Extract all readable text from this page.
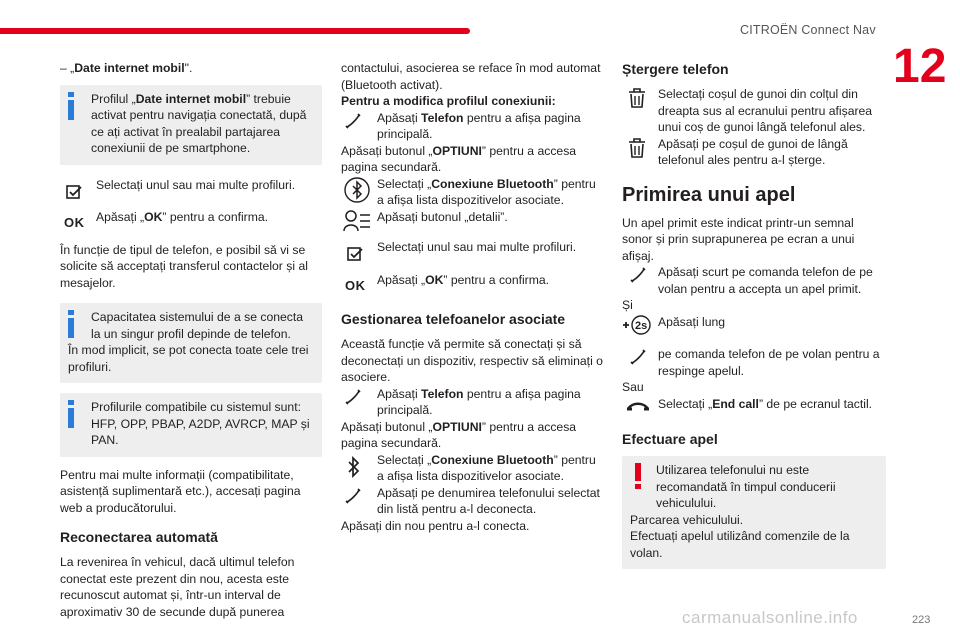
CITROËN Connect Nav
12

– „Date internet mobil".

Profilul „Date internet mobil” trebuie activat pentru navigația conectată, după ce ați activat în prealabil partajarea conexiunii de pe smartphone.

Selectați unul sau mai multe profiluri.

OK Apăsați „OK” pentru a confirma.

În funcție de tipul de telefon, e posibil să vi se solicite să acceptați transferul contactelor și al mesajelor.

Capacitatea sistemului de a se conecta la un singur profil depinde de telefon.

În mod implicit, se pot conecta toate cele trei profiluri.

Profilurile compatibile cu sistemul sunt: HFP, OPP, PBAP, A2DP, AVRCP, MAP și PAN.

Pentru mai multe informații (compatibilitate, asistență suplimentară etc.), accesați pagina web a producătorului.

Reconectarea automată

La revenirea în vehicul, dacă ultimul telefon conectat este prezent din nou, acesta este recunoscut automat și, într-un interval de aproximativ 30 de secunde după punerea

contactului, asocierea se reface în mod automat (Bluetooth activat).

Pentru a modifica profilul conexiunii:

Apăsați Telefon pentru a afișa pagina principală.

Apăsați butonul „OPTIUNI” pentru a accesa pagina secundară.

Selectați „Conexiune Bluetooth” pentru a afișa lista dispozitivelor asociate.

Apăsați butonul „detalii”.

Selectați unul sau mai multe profiluri.

OK Apăsați „OK” pentru a confirma.

Gestionarea telefoanelor asociate

Această funcție vă permite să conectați și să deconectați un dispozitiv, respectiv să eliminați o asociere.

Apăsați Telefon pentru a afișa pagina principală.

Apăsați butonul „OPTIUNI” pentru a accesa pagina secundară.

Selectați „Conexiune Bluetooth” pentru a afișa lista dispozitivelor asociate.

Apăsați pe denumirea telefonului selectat din listă pentru a-l deconecta.

Apăsați din nou pentru a-l conecta.

Ștergere telefon

Selectați coșul de gunoi din colțul din dreapta sus al ecranului pentru afișarea unui coș de gunoi lângă telefonul ales.

Apăsați pe coșul de gunoi de lângă telefonul ales pentru a-l șterge.

Primirea unui apel

Un apel primit este indicat printr-un semnal sonor și prin suprapunerea pe ecran a unui afișaj.

Apăsați scurt pe comanda telefon de pe volan pentru a accepta un apel primit.

Și

2s Apăsați lung

pe comanda telefon de pe volan pentru a respinge apelul.

Sau

Selectați „End call” de pe ecranul tactil.

Efectuare apel

Utilizarea telefonului nu este recomandată în timpul conducerii vehiculului.

Parcarea vehiculului.

Efectuați apelul utilizând comenzile de la volan.

carmanualsonline.info	223
